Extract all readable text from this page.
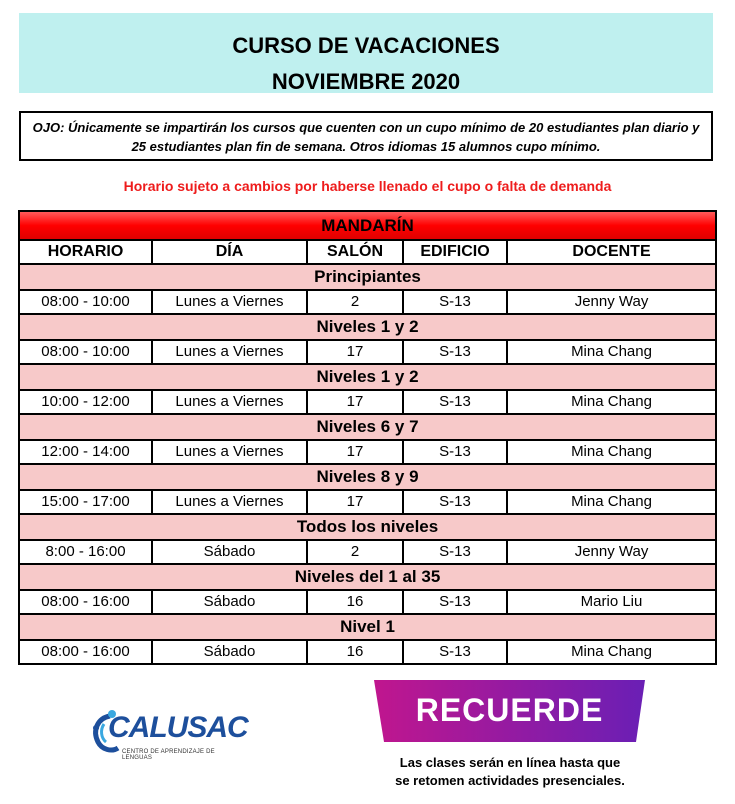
CURSO DE VACACIONES
NOVIEMBRE 2020
OJO: Únicamente se impartirán los cursos que cuenten con un cupo mínimo de 20 estudiantes plan diario y 25 estudiantes plan fin de semana. Otros idiomas 15 alumnos cupo mínimo.
Horario sujeto a cambios por haberse llenado el cupo o falta de demanda
MANDARÍN				
HORARIO	DÍA	SALÓN	EDIFICIO	DOCENTE
Principiantes				
08:00 - 10:00	Lunes a Viernes	2	S-13	Jenny Way
Niveles 1 y 2				
08:00 - 10:00	Lunes a Viernes	17	S-13	Mina Chang
Niveles 1 y 2				
10:00 - 12:00	Lunes a Viernes	17	S-13	Mina Chang
Niveles 6 y 7				
12:00 - 14:00	Lunes a Viernes	17	S-13	Mina Chang
Niveles 8 y 9				
15:00 - 17:00	Lunes a Viernes	17	S-13	Mina Chang
Todos los niveles				
8:00 - 16:00	Sábado	2	S-13	Jenny Way
Niveles del 1 al 35				
08:00 - 16:00	Sábado	16	S-13	Mario Liu
Nivel 1				
08:00 - 16:00	Sábado	16	S-13	Mina Chang
CALUSAC
CENTRO DE APRENDIZAJE DE LENGUAS
RECUERDE
Las clases serán en línea hasta que
se retomen actividades presenciales.
